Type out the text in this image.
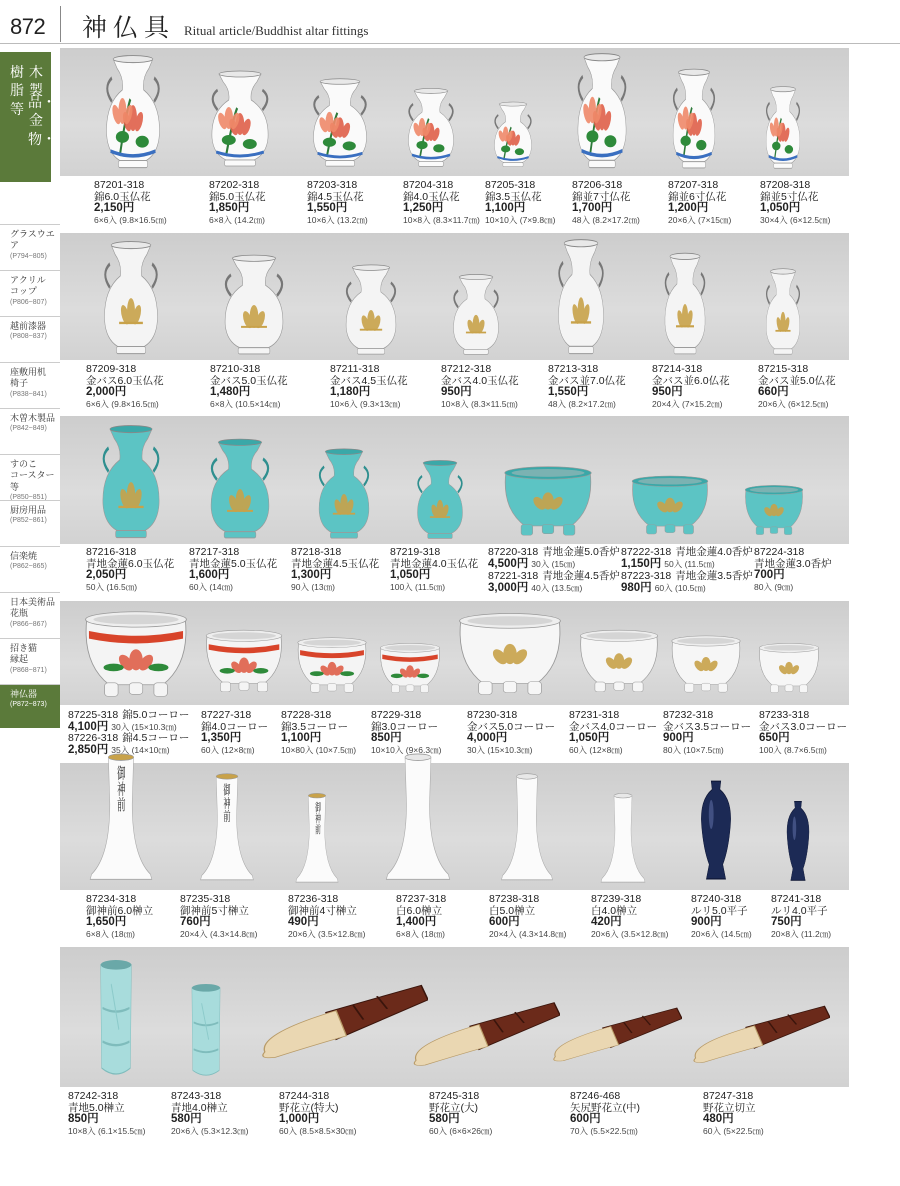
872 神仏具 Ritual article/Buddhist altar fittings
木製
樹脂等 品・金物・
グラスウエア
(P794~805)
アクリル
コップ
(P806~807)
越前漆器
(P808~837)
座敷用机
椅子
(P838~841)
木曽木製品
(P842~849)
すのこ
コースター等
(P850~851)
厨房用品
(P852~861)
信楽焼
(P862~865)
日本美術品
花瓶
(P866~867)
招き猫
縁起
(P868~871)
神仏器
(P872~873)
御神前	御神前	御神前
87201-318
錦6.0玉仏花
2,150円
6×6入 (9.8×16.5㎝)
87202-318
錦5.0玉仏花
1,850円
6×8入 (14.2㎝)
87203-318
錦4.5玉仏花
1,550円
10×6入 (13.2㎝)
87204-318
錦4.0玉仏花
1,250円
10×8入 (8.3×11.7㎝)
87205-318
錦3.5玉仏花
1,100円
10×10入 (7×9.8㎝)
87206-318
錦並7寸仏花
1,700円
48入 (8.2×17.2㎝)
87207-318
錦並6寸仏花
1,200円
20×6入 (7×15㎝)
87208-318
錦並5寸仏花
1,050円
30×4入 (6×12.5㎝)
87209-318
金バス6.0玉仏花
2,000円
6×6入 (9.8×16.5㎝)
87210-318
金バス5.0玉仏花
1,480円
6×8入 (10.5×14㎝)
87211-318
金バス4.5玉仏花
1,180円
10×6入 (9.3×13㎝)
87212-318
金バス4.0玉仏花
950円
10×8入 (8.3×11.5㎝)
87213-318
金バス並7.0仏花
1,550円
48入 (8.2×17.2㎝)
87214-318
金バス並6.0仏花
950円
20×4入 (7×15.2㎝)
87215-318
金バス並5.0仏花
660円
20×6入 (6×12.5㎝)
87216-318
青地金蓮6.0玉仏花
2,050円
50入 (16.5㎝)
87217-318
青地金蓮5.0玉仏花
1,600円
60入 (14㎝)
87218-318
青地金蓮4.5玉仏花
1,300円
90入 (13㎝)
87219-318
青地金蓮4.0玉仏花
1,050円
100入 (11.5㎝)
87220-318 青地金蓮5.0香炉
4,500円 30入 (15㎝)
87221-318 青地金蓮4.5香炉
3,000円 40入 (13.5㎝)
87222-318 青地金蓮4.0香炉
1,150円 50入 (11.5㎝)
87223-318 青地金蓮3.5香炉
980円 60入 (10.5㎝)
87224-318
青地金蓮3.0香炉
700円
80入 (9㎝)
87225-318 錦5.0コーロー
4,100円 30入 (15×10.3㎝)
87226-318 錦4.5コーロー
2,850円 35入 (14×10㎝)
87227-318
錦4.0コーロー
1,350円
60入 (12×8㎝)
87228-318
錦3.5コーロー
1,100円
10×80入 (10×7.5㎝)
87229-318
錦3.0コーロー
850円
10×10入 (9×6.3㎝)
87230-318
金バス5.0コーロー
4,000円
30入 (15×10.3㎝)
87231-318
金バス4.0コーロー
1,050円
60入 (12×8㎝)
87232-318
金バス3.5コーロー
900円
80入 (10×7.5㎝)
87233-318
金バス3.0コーロー
650円
100入 (8.7×6.5㎝)
87234-318
御神前6.0榊立
1,650円
6×8入 (18㎝)
87235-318
御神前5寸榊立
760円
20×4入 (4.3×14.8㎝)
87236-318
御神前4寸榊立
490円
20×6入 (3.5×12.8㎝)
87237-318
白6.0榊立
1,400円
6×8入 (18㎝)
87238-318
白5.0榊立
600円
20×4入 (4.3×14.8㎝)
87239-318
白4.0榊立
420円
20×6入 (3.5×12.8㎝)
87240-318
ルリ5.0平子
900円
20×6入 (14.5㎝)
87241-318
ルリ4.0平子
750円
20×8入 (11.2㎝)
87242-318
青地5.0榊立
850円
10×8入 (6.1×15.5㎝)
87243-318
青地4.0榊立
580円
20×6入 (5.3×12.3㎝)
87244-318
野花立(特大)
1,000円
60入 (8.5×8.5×30㎝)
87245-318
野花立(大)
580円
60入 (6×6×26㎝)
87246-468
矢尻野花立(中)
600円
70入 (5.5×22.5㎝)
87247-318
野花立切立
480円
60入 (5×22.5㎝)
